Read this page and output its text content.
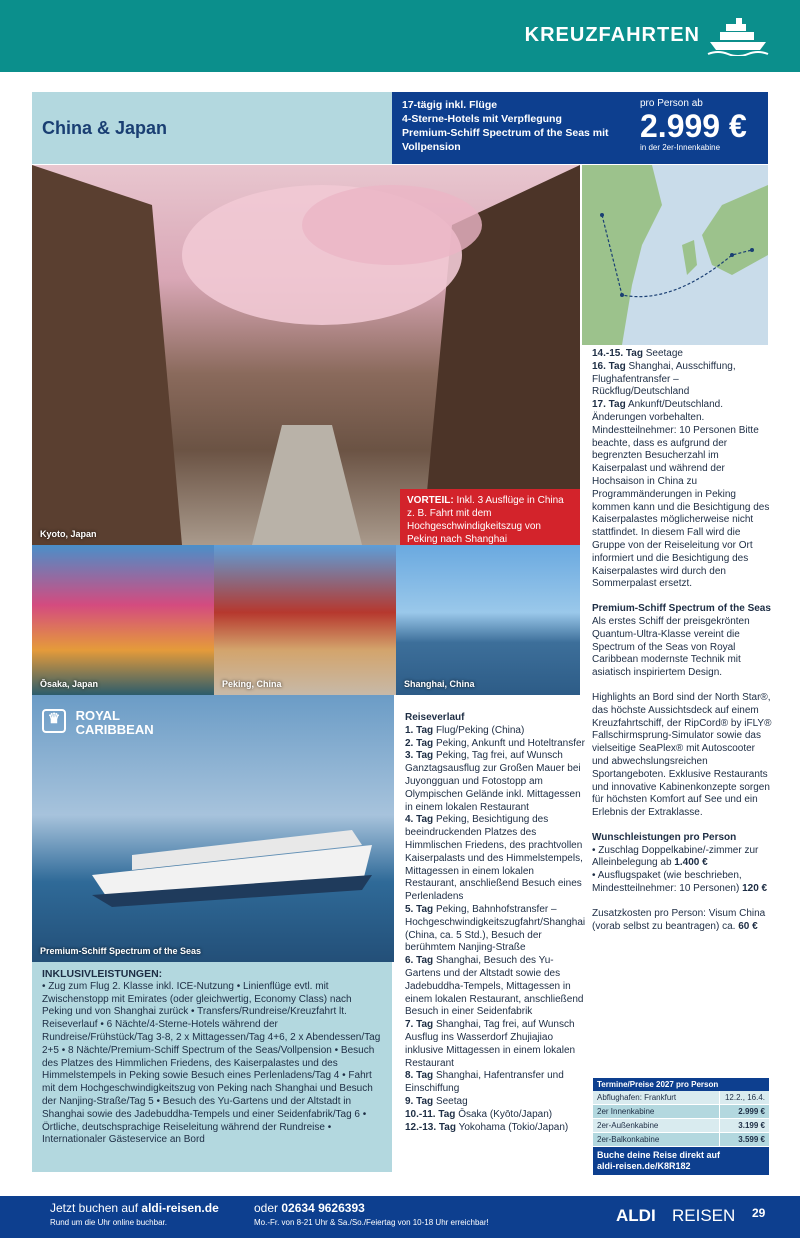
KREUZFAHRTEN
China & Japan
17-tägig inkl. Flüge
4-Sterne-Hotels mit Verpflegung
Premium-Schiff Spectrum of the Seas mit Vollpension
pro Person ab
2.999 €
in der 2er-Innenkabine
Kyoto, Japan
VORTEIL: Inkl. 3 Ausflüge in China z. B. Fahrt mit dem Hochgeschwindigkeitszug von Peking nach Shanghai
Ōsaka, Japan	Peking, China	Shanghai, China
♛ ROYAL
CARIBBEAN
Premium-Schiff Spectrum of the Seas
INKLUSIVLEISTUNGEN:
• Zug zum Flug 2. Klasse inkl. ICE-Nutzung • Linienflüge evtl. mit Zwischenstopp mit Emirates (oder gleichwertig, Economy Class) nach Peking und von Shanghai zurück • Transfers/Rundreise/Kreuzfahrt lt. Reiseverlauf • 6 Nächte/4-Sterne-Hotels während der Rundreise/Frühstück/Tag 3-8, 2 x Mittagessen/Tag 4+6, 2 x Abendessen/Tag 2+5 • 8 Nächte/Premium-Schiff Spectrum of the Seas/Vollpension • Besuch des Platzes des Himmlichen Friedens, des Kaiserpalastes und des Himmelstempels in Peking sowie Besuch eines Perlenladens/Tag 4 • Fahrt mit dem Hochgeschwindigkeitszug von Peking nach Shanghai und Besuch der Nanjing-Straße/Tag 5 • Besuch des Yu-Gartens und der Altstadt in Shanghai sowie des Jadebuddha-Tempels und einer Seidenfabrik/Tag 6 • Örtliche, deutschsprachige Reiseleitung während der Rundreise • Internationaler Gästeservice an Bord
Reiseverlauf
1. Tag Flug/Peking (China)
2. Tag Peking, Ankunft und Hoteltransfer
3. Tag Peking, Tag frei, auf Wunsch Ganztagsausflug zur Großen Mauer bei Juyongguan und Fotostopp am Olympischen Gelände inkl. Mittagessen in einem lokalen Restaurant
4. Tag Peking, Besichtigung des beeindruckenden Platzes des Himmlischen Friedens, des prachtvollen Kaiserpalasts und des Himmelstempels, Mittagessen in einem lokalen Restaurant, anschließend Besuch eines Perlenladens
5. Tag Peking, Bahnhofstransfer – Hochgeschwindigkeitszugfahrt/Shanghai (China, ca. 5 Std.), Besuch der berühmtem Nanjing-Straße
6. Tag Shanghai, Besuch des Yu-Gartens und der Altstadt sowie des Jadebuddha-Tempels, Mittagessen in einem lokalen Restaurant, anschließend Besuch in einer Seidenfabrik
7. Tag Shanghai, Tag frei, auf Wunsch Ausflug ins Wasserdorf Zhujiajiao inklusive Mittagessen in einem lokalen Restaurant
8. Tag Shanghai, Hafentransfer und Einschiffung
9. Tag Seetag
10.-11. Tag Ōsaka (Kyōto/Japan)
12.-13. Tag Yokohama (Tokio/Japan)

14.-15. Tag Seetage
16. Tag Shanghai, Ausschiffung, Flughafentransfer – Rückflug/Deutschland
17. Tag Ankunft/Deutschland.
Änderungen vorbehalten. Mindestteilnehmer: 10 Personen Bitte beachte, dass es aufgrund der begrenzten Besucherzahl im Kaiserpalast und während der Hochsaison in China zu Programmänderungen in Peking kommen kann und die Besichtigung des Kaiserpalastes möglicherweise nicht stattfindet. In diesem Fall wird die Gruppe von der Reiseleitung vor Ort informiert und die Besichtigung des Kaiserpalastes wird durch den Sommerpalast ersetzt.

Premium-Schiff Spectrum of the Seas
Als erstes Schiff der preisgekrönten Quantum-Ultra-Klasse vereint die Spectrum of the Seas von Royal Caribbean modernste Technik mit asiatisch inspiriertem Design.

Highlights an Bord sind der North Star®, das höchste Aussichtsdeck auf einem Kreuzfahrtschiff, der RipCord® by iFLY® Fallschirmsprung-Simulator sowie das vielseitige SeaPlex® mit Autoscooter und abwechslungsreichen Sportangeboten. Exklusive Restaurants und innovative Kabinenkonzepte sorgen für höchsten Komfort auf See und ein Erlebnis der Extraklasse.

Wunschleistungen pro Person
• Zuschlag Doppelkabine/-zimmer zur Alleinbelegung ab 1.400 €
• Ausflugspaket (wie beschrieben, Mindestteilnehmer: 10 Personen) 120 €

Zusatzkosten pro Person: Visum China (vorab selbst zu beantragen) ca. 60 €

Termine/Preise 2027 pro Person
Abflughafen: Frankfurt	12.2., 16.4.
2er Innenkabine	2.999 €
2er-Außenkabine	3.199 €
2er-Balkonkabine	3.599 €
Buche deine Reise direkt auf
aldi-reisen.de/K8R182
Jetzt buchen auf aldi-reisen.de
Rund um die Uhr online buchbar.
oder 02634 9626393
Mo.-Fr. von 8-21 Uhr & Sa./So./Feiertag von 10-18 Uhr erreichbar!	ALDI REISEN 29
